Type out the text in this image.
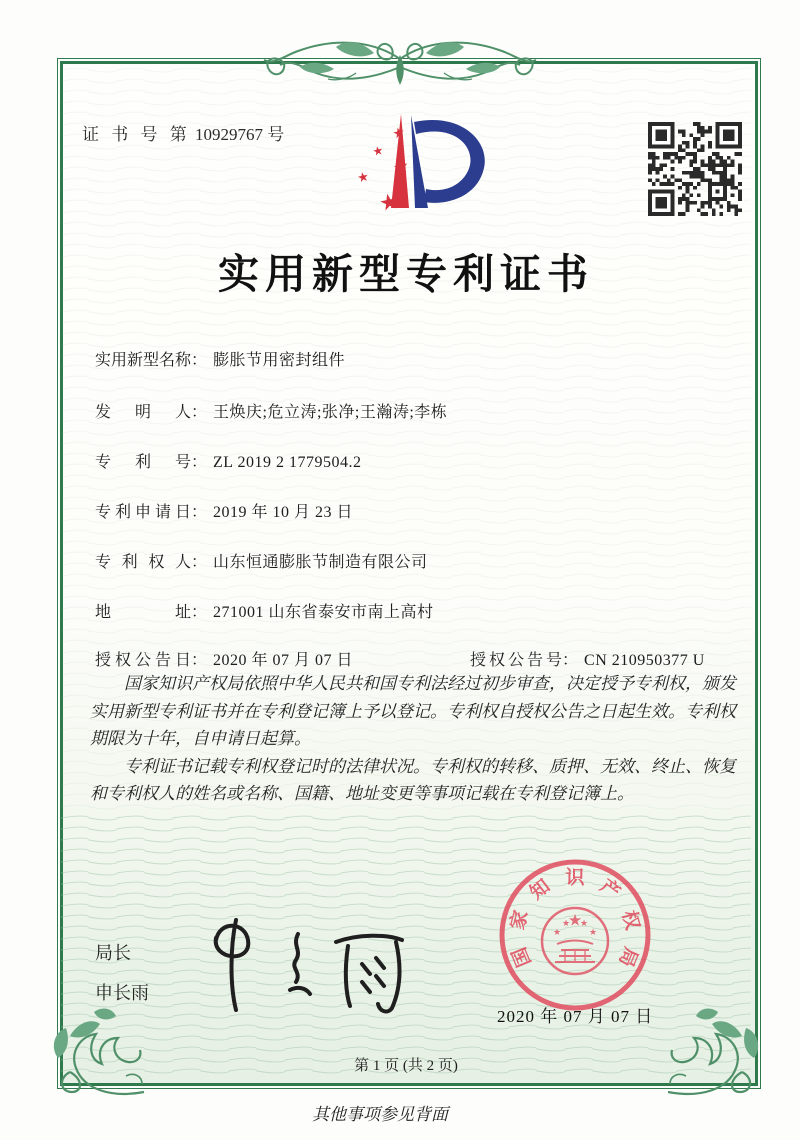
证 书 号 第 10929767 号	★
★
★
★
★
实用新型专利证书
实用新型名称： 膨胀节用密封组件
发明人： 王焕庆;危立涛;张净;王瀚涛;李栋
专利号： ZL 2019 2 1779504.2
专利申请日： 2019 年 10 月 23 日
专利权人： 山东恒通膨胀节制造有限公司
地址： 271001 山东省泰安市南上高村
授权公告日： 2020 年 07 月 07 日	授权公告号： CN 210950377 U

国家知识产权局依照中华人民共和国专利法经过初步审查，决定授予专利权，颁发实用新型专利证书并在专利登记簿上予以登记。专利权自授权公告之日起生效。专利权期限为十年，自申请日起算。

专利证书记载专利权登记时的法律状况。专利权的转移、质押、无效、终止、恢复和专利权人的姓名或名称、国籍、地址变更等事项记载在专利登记簿上。

局长
申长雨
国
家
知 识 产
权
局
★
★
★ ★
★
2020 年 07 月 07 日
第 1 页 (共 2 页)
其他事项参见背面
